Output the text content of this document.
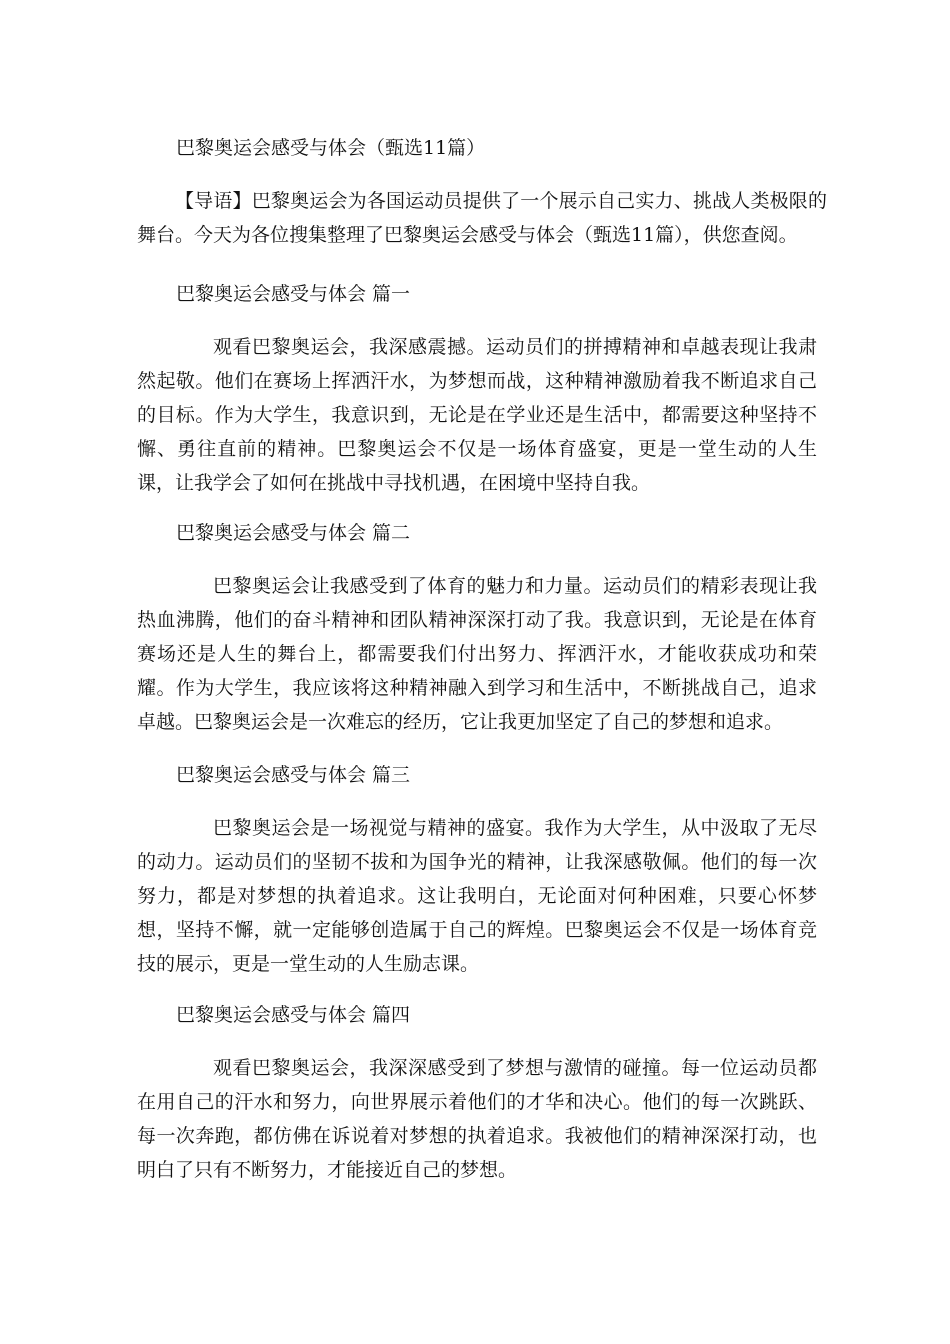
巴黎奥运会感受与体会（甄选11篇）

【导语】巴黎奥运会为各国运动员提供了一个展示自己实力、挑战人类极限的舞台。今天为各位搜集整理了巴黎奥运会感受与体会（甄选11篇），供您查阅。

巴黎奥运会感受与体会 篇一

观看巴黎奥运会，我深感震撼。运动员们的拼搏精神和卓越表现让我肃然起敬。他们在赛场上挥洒汗水，为梦想而战，这种精神激励着我不断追求自己的目标。作为大学生，我意识到，无论是在学业还是生活中，都需要这种坚持不懈、勇往直前的精神。巴黎奥运会不仅是一场体育盛宴，更是一堂生动的人生课，让我学会了如何在挑战中寻找机遇，在困境中坚持自我。

巴黎奥运会感受与体会 篇二

巴黎奥运会让我感受到了体育的魅力和力量。运动员们的精彩表现让我热血沸腾，他们的奋斗精神和团队精神深深打动了我。我意识到，无论是在体育赛场还是人生的舞台上，都需要我们付出努力、挥洒汗水，才能收获成功和荣耀。作为大学生，我应该将这种精神融入到学习和生活中，不断挑战自己，追求卓越。巴黎奥运会是一次难忘的经历，它让我更加坚定了自己的梦想和追求。

巴黎奥运会感受与体会 篇三

巴黎奥运会是一场视觉与精神的盛宴。我作为大学生，从中汲取了无尽的动力。运动员们的坚韧不拔和为国争光的精神，让我深感敬佩。他们的每一次努力，都是对梦想的执着追求。这让我明白，无论面对何种困难，只要心怀梦想，坚持不懈，就一定能够创造属于自己的辉煌。巴黎奥运会不仅是一场体育竞技的展示，更是一堂生动的人生励志课。

巴黎奥运会感受与体会 篇四

观看巴黎奥运会，我深深感受到了梦想与激情的碰撞。每一位运动员都在用自己的汗水和努力，向世界展示着他们的才华和决心。他们的每一次跳跃、每一次奔跑，都仿佛在诉说着对梦想的执着追求。我被他们的精神深深打动，也明白了只有不断努力，才能接近自己的梦想。
